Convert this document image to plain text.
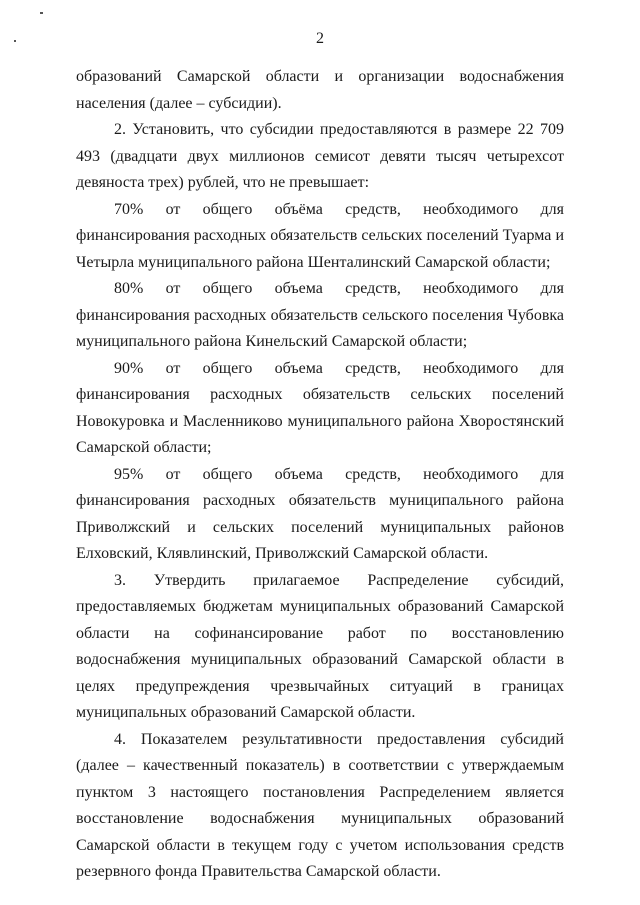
2

образований Самарской области и организации водоснабжения населения (далее – субсидии).

2. Установить, что субсидии предоставляются в размере 22 709 493 (двадцати двух миллионов семисот девяти тысяч четырехсот девяноста трех) рублей, что не превышает:

70% от общего объёма средств, необходимого для финансирования расходных обязательств сельских поселений Туарма и Четырла муниципального района Шенталинский Самарской области;

80% от общего объема средств, необходимого для финансирования расходных обязательств сельского поселения Чубовка муниципального района Кинельский Самарской области;

90% от общего объема средств, необходимого для финансирования расходных обязательств сельских поселений Новокуровка и Масленниково муниципального района Хворостянский Самарской области;

95% от общего объема средств, необходимого для финансирования расходных обязательств муниципального района Приволжский и сельских поселений муниципальных районов Елховский, Клявлинский, Приволжский Самарской области.

3. Утвердить прилагаемое Распределение субсидий, предоставляемых бюджетам муниципальных образований Самарской области на софинансирование работ по восстановлению водоснабжения муниципальных образований Самарской области в целях предупреждения чрезвычайных ситуаций в границах муниципальных образований Самарской области.

4. Показателем результативности предоставления субсидий (далее – качественный показатель) в соответствии с утверждаемым пунктом 3 настоящего постановления Распределением является восстановление водоснабжения муниципальных образований Самарской области в текущем году с учетом использования средств резервного фонда Правительства Самарской области.
